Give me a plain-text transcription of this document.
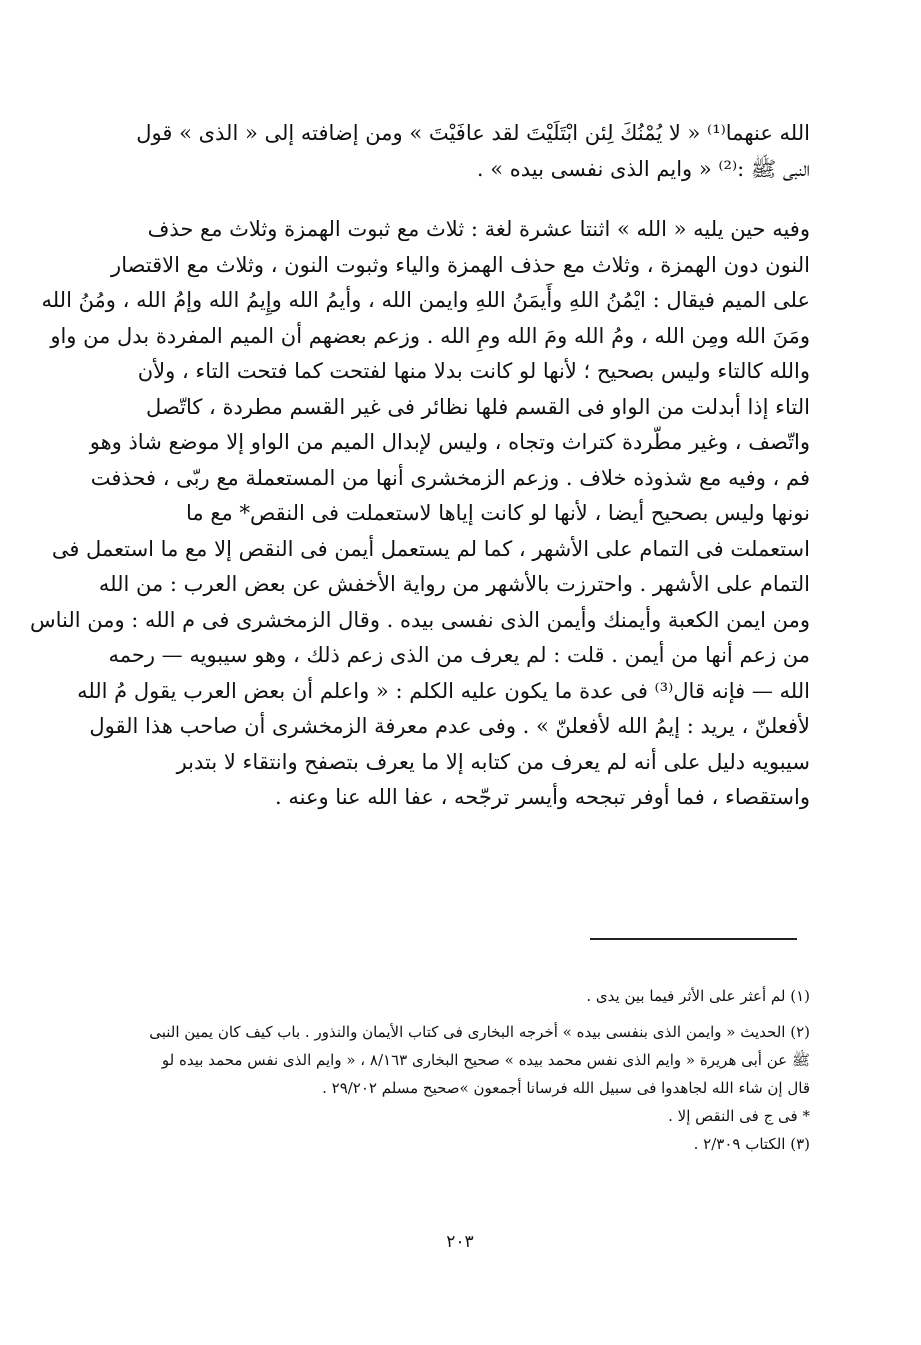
الله عنهما⁽¹⁾ « لا يُمْنُكَ لِئن ابْتَلَيْتَ لقد عافَيْتَ » ومن إضافته إلى « الذى » قول
النبى ﷺ :⁽²⁾ « وايم الذى نفسى بيده » .
وفيه حين يليه « الله » اثنتا عشرة لغة : ثلاث مع ثبوت الهمزة وثلاث مع حذف
النون دون الهمزة ، وثلاث مع حذف الهمزة والياء وثبوت النون ، وثلاث مع الاقتصار
على الميم فيقال : ايْمُنُ اللهِ وأَيمَنُ اللهِ وايمن الله ، وأيمُ الله وإِيمُ الله وإمُ الله ، ومُنُ الله
ومَنَ الله ومِن الله ، ومُ الله ومَ الله ومِ الله . وزعم بعضهم أن الميم المفردة بدل من واو
والله كالتاء وليس بصحيح ؛ لأنها لو كانت بدلا منها لفتحت كما فتحت التاء ، ولأن
التاء إذا أبدلت من الواو فى القسم فلها نظائر فى غير القسم مطردة ، كاتّصل
واتّصف ، وغير مطّردة كتراث وتجاه ، وليس لإبدال الميم من الواو إلا موضع شاذ وهو
فم ، وفيه مع شذوذه خلاف . وزعم الزمخشرى أنها من المستعملة مع ربّى ، فحذفت
نونها وليس بصحيح أيضا ، لأنها لو كانت إياها لاستعملت فى النقص* مع ما
استعملت فى التمام على الأشهر ، كما لم يستعمل أيمن فى النقص إلا مع ما استعمل فى
التمام على الأشهر . واحترزت بالأشهر من رواية الأخفش عن بعض العرب : من الله
ومن ايمن الكعبة وأيمنك وأيمن الذى نفسى بيده . وقال الزمخشرى فى م الله : ومن الناس
من زعم أنها من أيمن . قلت : لم يعرف من الذى زعم ذلك ، وهو سيبويه — رحمه
الله — فإنه قال⁽³⁾ فى عدة ما يكون عليه الكلم : « واعلم أن بعض العرب يقول مُ الله
لأفعلنّ ، يريد : إيمُ الله لأفعلنّ » . وفى عدم معرفة الزمخشرى أن صاحب هذا القول
سيبويه دليل على أنه لم يعرف من كتابه إلا ما يعرف بتصفح وانتقاء لا بتدبر
واستقصاء ، فما أوفر تبجحه وأيسر ترجّحه ، عفا الله عنا وعنه .
(١) لم أعثر على الأثر فيما بين يدى .
(٢) الحديث « وايمن الذى بنفسى بيده » أخرجه البخارى فى كتاب الأيمان والنذور . باب كيف كان يمين النبى
ﷺ عن أبى هريرة « وايم الذى نفس محمد بيده » صحيح البخارى ٨/١٦٣ ، « وايم الذى نفس محمد بيده لو
قال إن شاء الله لجاهدوا فى سبيل الله فرسانا أجمعون »صحيح مسلم ٢٩/٢٠٢ .
* فى ج فى النقص إلا .
(٣) الكتاب ٢/٣٠٩ .
٢٠٣
